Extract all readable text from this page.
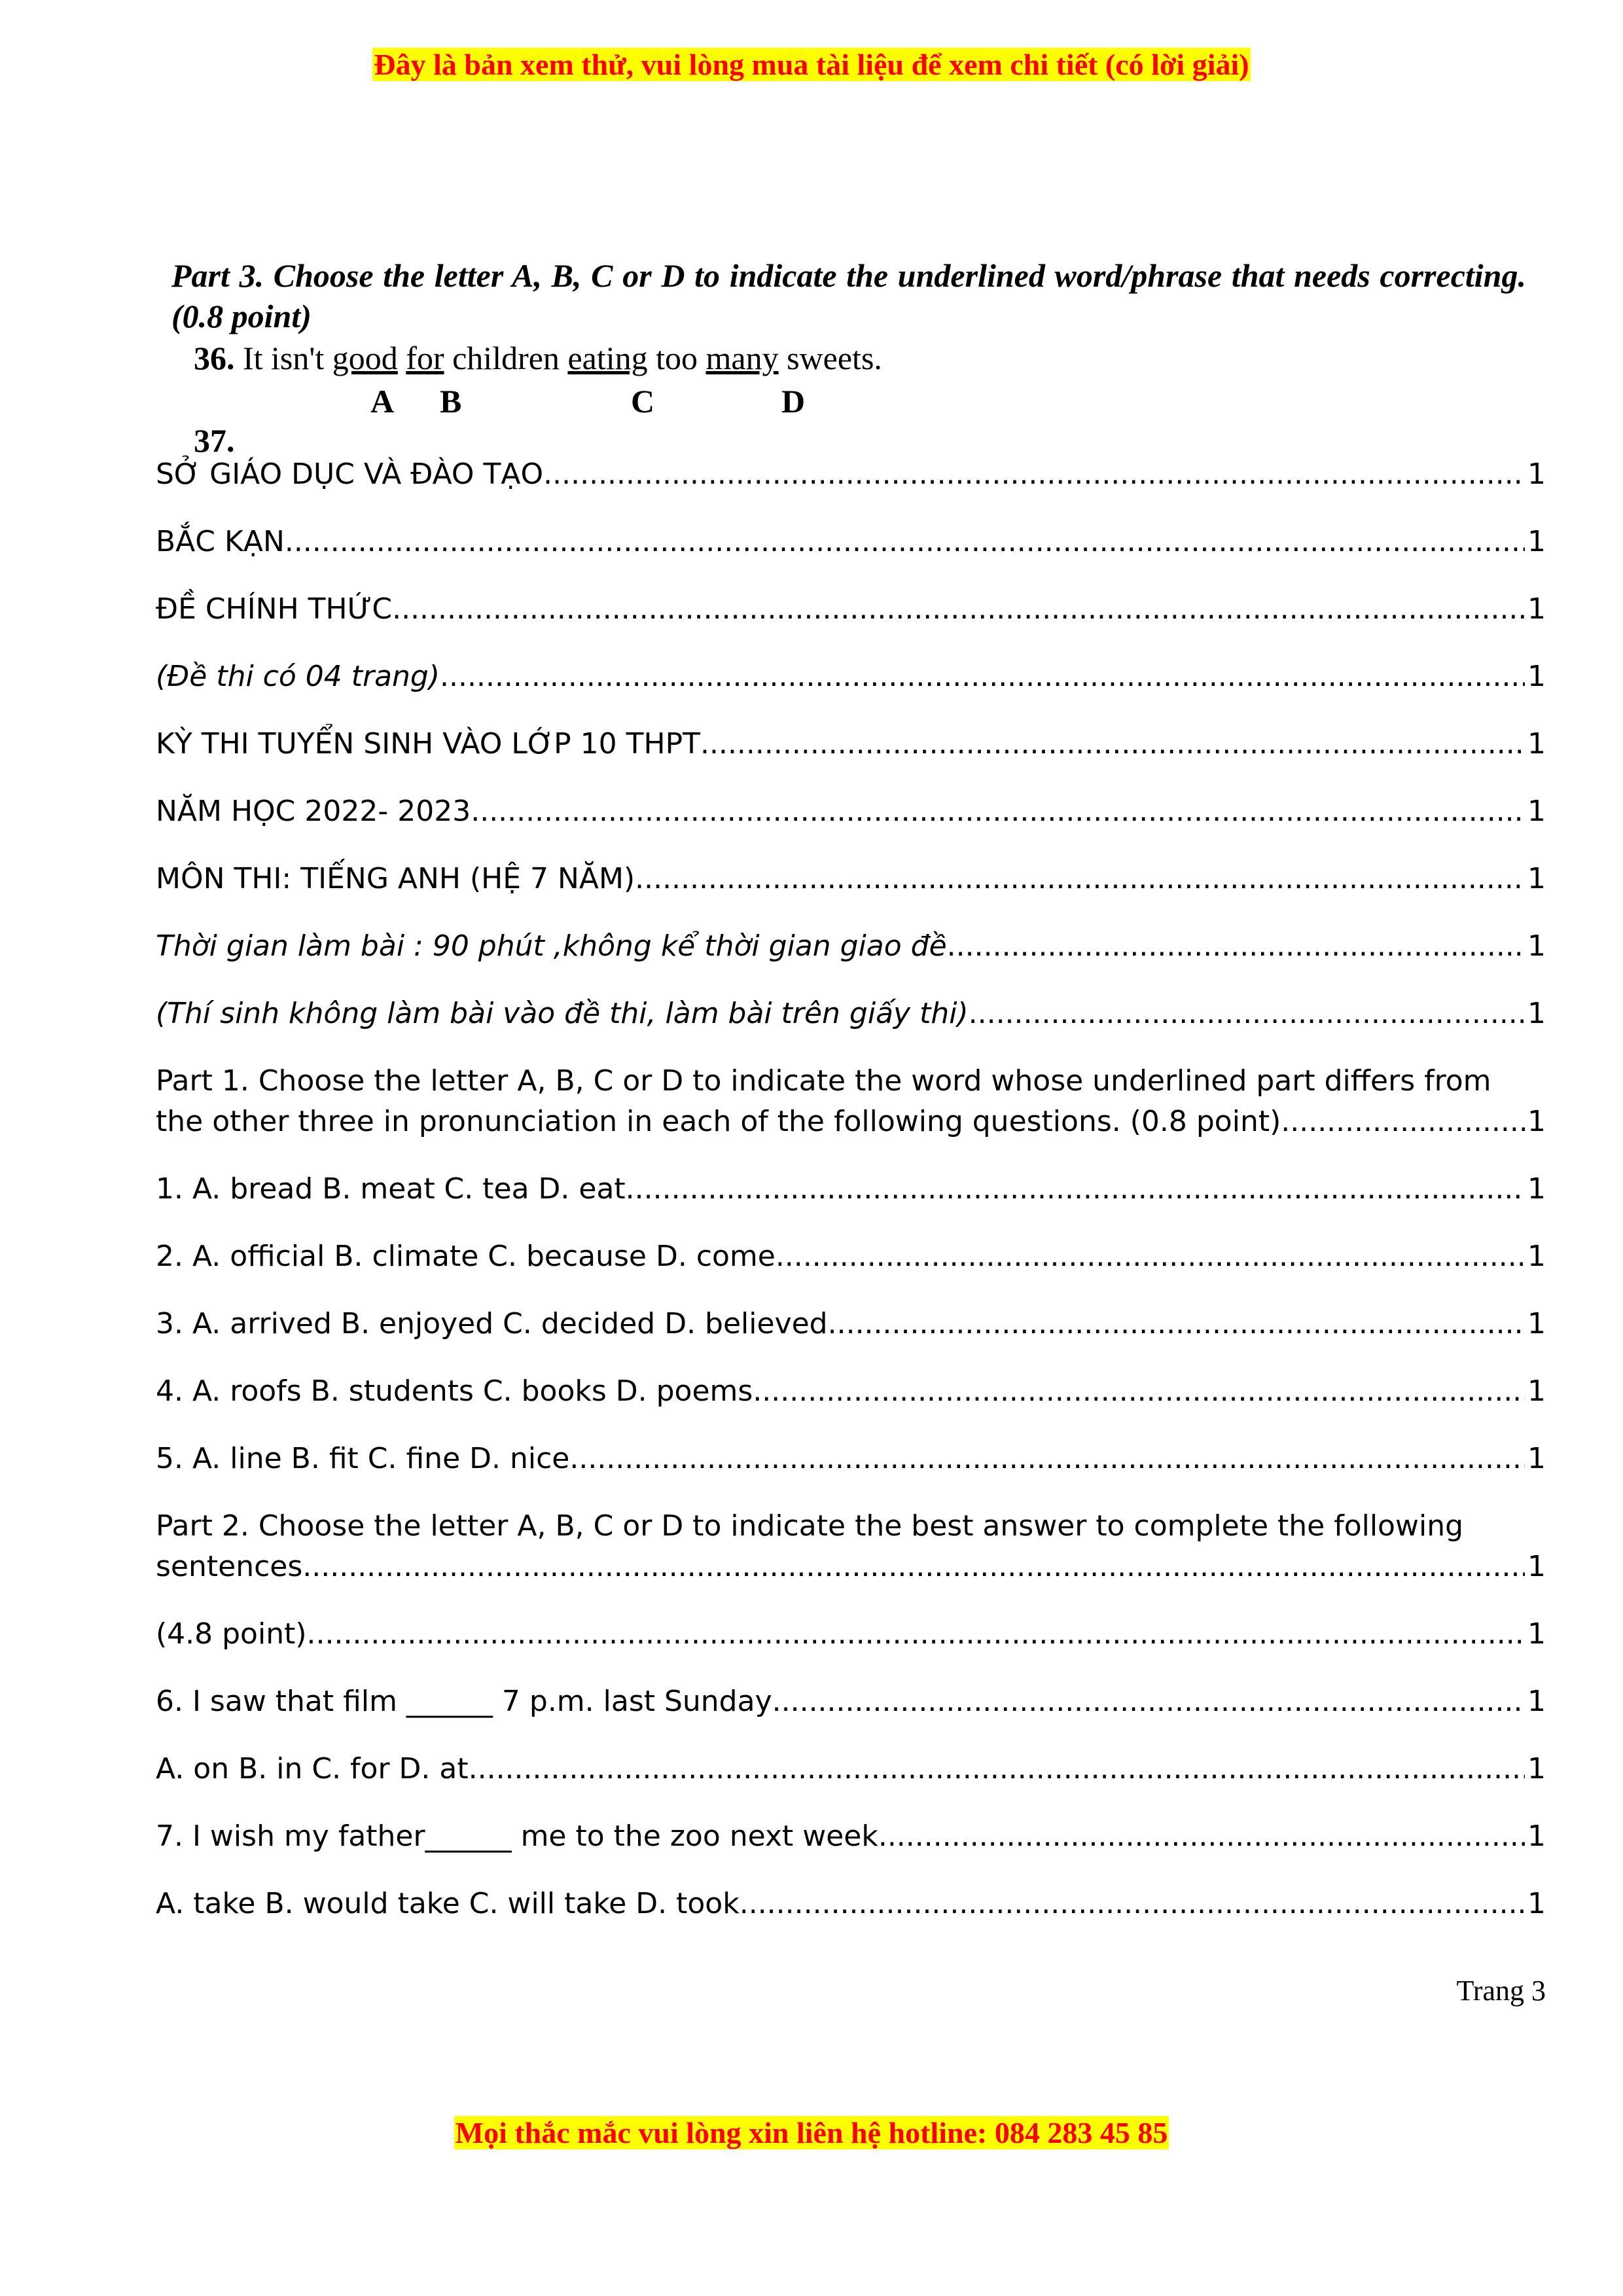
Đây là bản xem thử, vui lòng mua tài liệu để xem chi tiết (có lời giải)
Part 3. Choose the letter A, B, C or D to indicate the underlined word/phrase that needs correcting. (0.8 point)
36. It isn't good for children eating too many sweets.
A B	C	D
37.
SỞ GIÁO DỤC VÀ ĐÀO TẠO .....	1
BẮC KẠN .....	1
ĐỀ CHÍNH THỨC .....	1
(Đề thi có 04 trang) .....	1
KỲ THI TUYỂN SINH VÀO LỚP 10 THPT .....	1
NĂM HỌC 2022- 2023 .....	1
MÔN THI: TIẾNG ANH (HỆ 7 NĂM) .....	1
Thời gian làm bài : 90 phút ,không kể thời gian giao đề .....	1
(Thí sinh không làm bài vào đề thi, làm bài trên giấy thi) .....	1
Part 1. Choose the letter A, B, C or D to indicate the word whose underlined part differs from the other three in pronunciation in each of the following questions. (0.8 point)	1
.....
1. A. bread B. meat C. tea D. eat .....	1
2. A. official B. climate C. because D. come .....	1
3. A. arrived B. enjoyed C. decided D. believed .....	1
4. A. roofs B. students C. books D. poems .....	1
5. A. line B. fit C. fine D. nice .....	1
Part 2. Choose the letter A, B, C or D to indicate the best answer to complete the following sentences	1
.....
(4.8 point) .....	1
6. I saw that film ______ 7 p.m. last Sunday .....	1
A. on B. in C. for D. at .....	1
7. I wish my father______ me to the zoo next week. .....	1
A. take B. would take C. will take D. took .....	1
Trang 3
Mọi thắc mắc vui lòng xin liên hệ hotline: 084 283 45 85
